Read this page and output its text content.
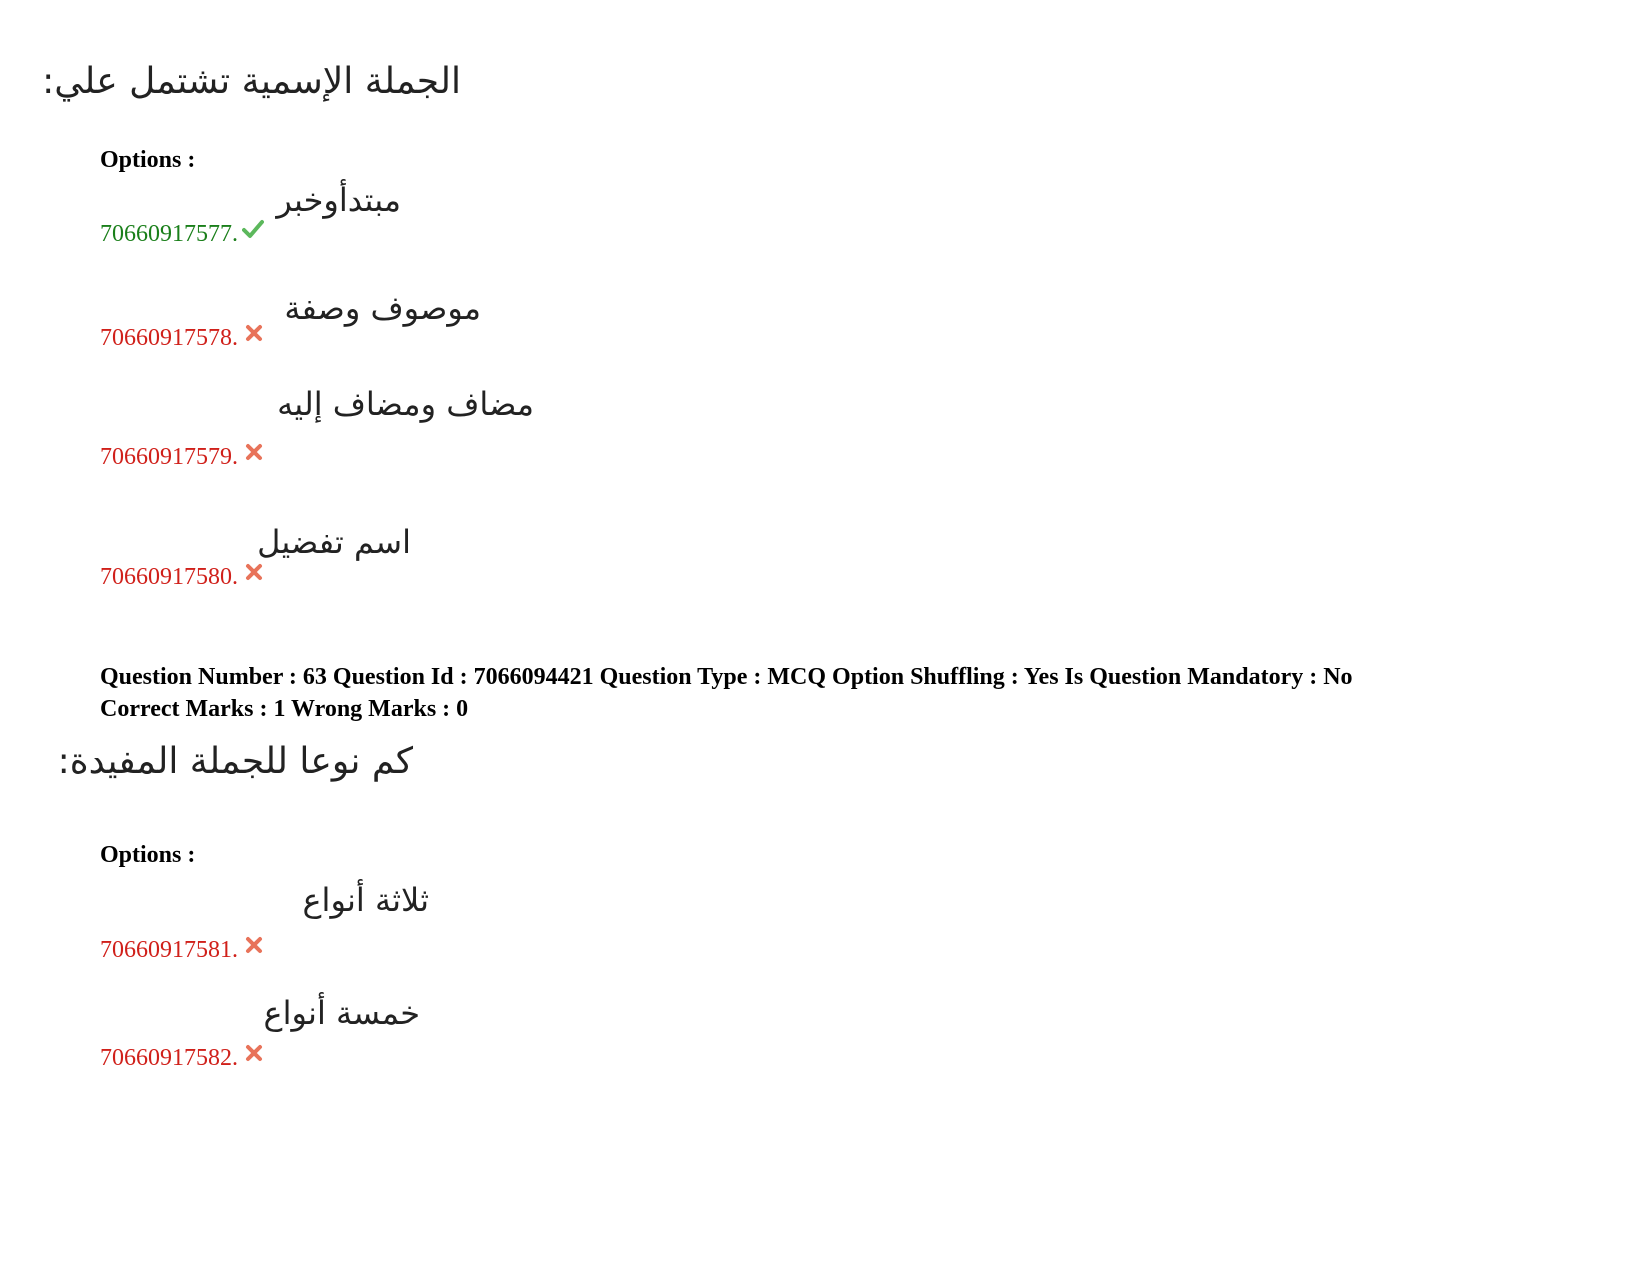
الجملة الإسمية تشتمل علي:
Options :
مبتدأوخبر
70660917577.
موصوف وصفة
70660917578.
مضاف ومضاف إليه
70660917579.
اسم تفضيل
70660917580.
Question Number : 63 Question Id : 7066094421 Question Type : MCQ Option Shuffling : Yes Is Question Mandatory : No
Correct Marks : 1 Wrong Marks : 0
كم نوعا للجملة المفيدة:
Options :
ثلاثة أنواع
70660917581.
خمسة أنواع
70660917582.
